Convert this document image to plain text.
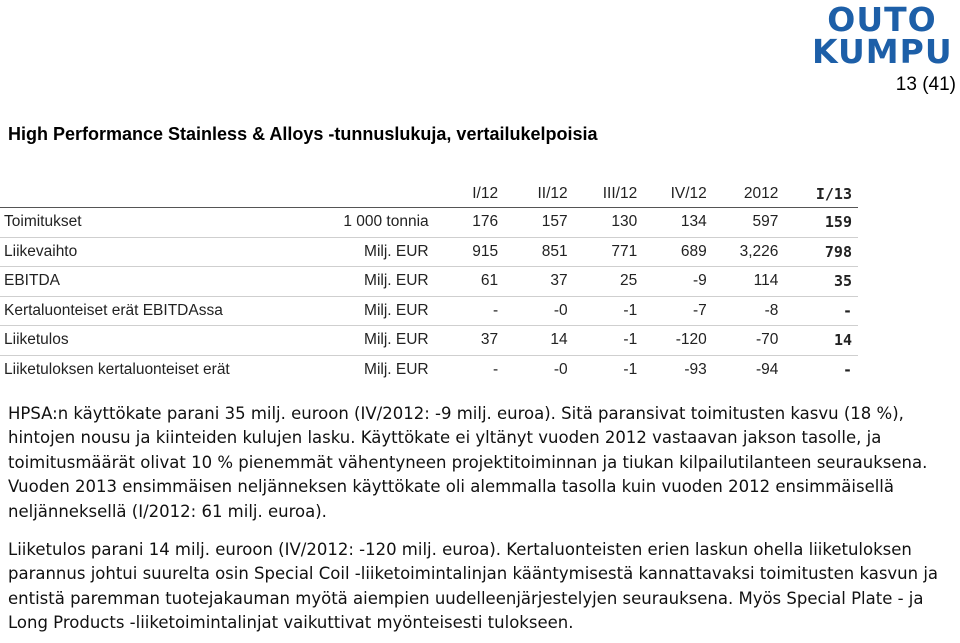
OUTO
KUMPU
13 (41)
High Performance Stainless & Alloys -tunnuslukuja, vertailukelpoisia
		I/12	II/12	III/12	IV/12	2012	I/13
Toimitukset	1 000 tonnia	176	157	130	134	597	159
Liikevaihto	Milj. EUR	915	851	771	689	3,226	798
EBITDA	Milj. EUR	61	37	25	-9	114	35
Kertaluonteiset erät EBITDAssa	Milj. EUR	-	-0	-1	-7	-8	-
Liiketulos	Milj. EUR	37	14	-1	-120	-70	14
Liiketuloksen kertaluonteiset erät	Milj. EUR	-	-0	-1	-93	-94	-

HPSA:n käyttökate parani 35 milj. euroon (IV/2012: -9 milj. euroa). Sitä paransivat toimitusten kasvu (18 %), hintojen nousu ja kiinteiden kulujen lasku. Käyttökate ei yltänyt vuoden 2012 vastaavan jakson tasolle, ja toimitusmäärät olivat 10 % pienemmät vähentyneen projektitoiminnan ja tiukan kilpailutilanteen seurauksena. Vuoden 2013 ensimmäisen neljänneksen käyttökate oli alemmalla tasolla kuin vuoden 2012 ensimmäisellä neljänneksellä (I/2012: 61 milj. euroa).

Liiketulos parani 14 milj. euroon (IV/2012: -120 milj. euroa). Kertaluonteisten erien laskun ohella liiketuloksen parannus johtui suurelta osin Special Coil -liiketoimintalinjan kääntymisestä kannattavaksi toimitusten kasvun ja entistä paremman tuotejakauman myötä aiempien uudelleenjärjestelyjen seurauksena. Myös Special Plate - ja Long Products -liiketoimintalinjat vaikuttivat myönteisesti tulokseen.
